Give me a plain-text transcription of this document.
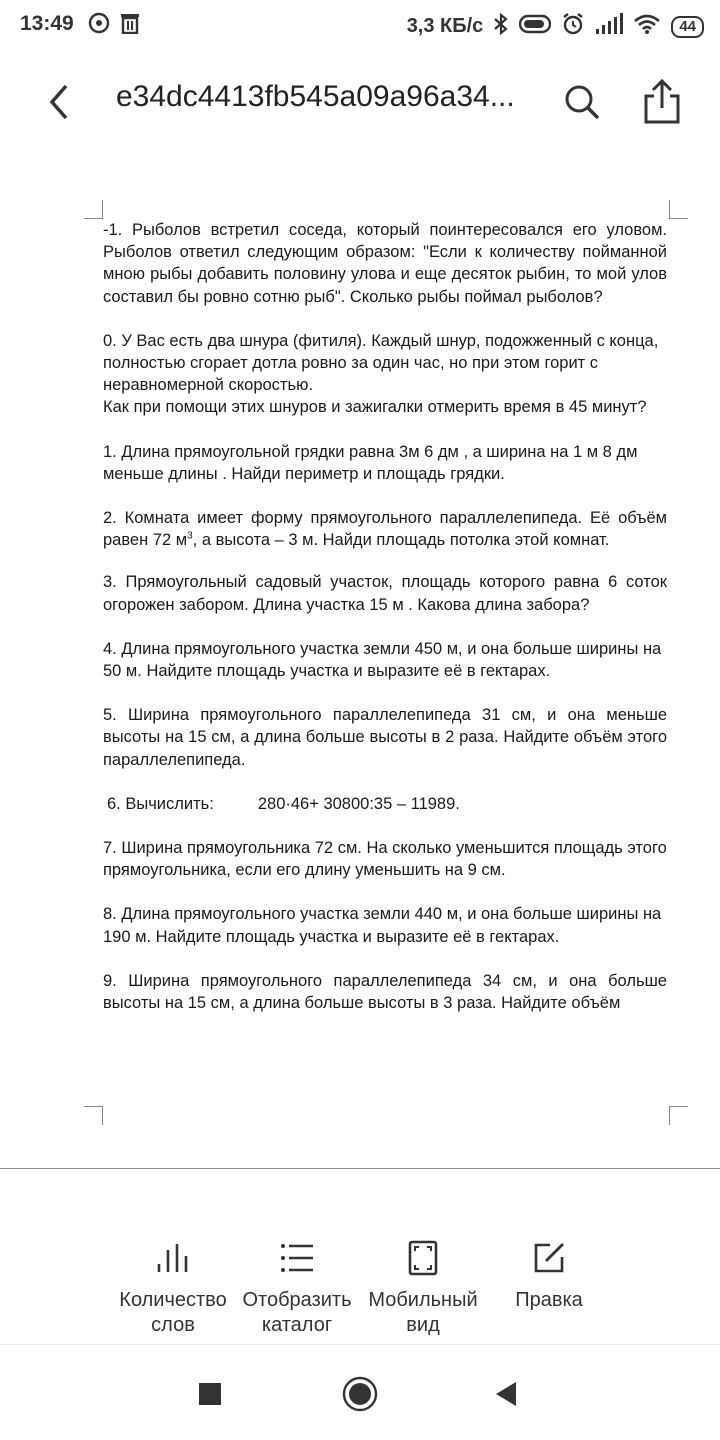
13:49	3,3 КБ/с	44
e34dc4413fb545a09a96a34...

-1. Рыболов встретил соседа, который поинтересовался его уловом. Рыболов ответил следующим образом: "Если к количеству пойманной мною рыбы добавить половину улова и еще десяток рыбин, то мой улов составил бы ровно сотню рыб". Сколько рыбы поймал рыболов?

0. У Вас есть два шнура (фитиля). Каждый шнур, подожженный с конца, полностью сгорает дотла ровно за один час, но при этом горит с неравномерной скоростью.
Как при помощи этих шнуров и зажигалки отмерить время в 45 минут?

1. Длина прямоугольной грядки равна 3м 6 дм , а ширина на 1 м 8 дм меньше длины . Найди периметр и площадь грядки.

2. Комната имеет форму прямоугольного параллелепипеда. Её объём равен 72 $м^3$, а высота – 3 м. Найди площадь потолка этой комнат.

3. Прямоугольный садовый участок, площадь которого равна 6 соток огорожен забором. Длина участка 15 м . Какова длина забора?

4. Длина прямоугольного участка земли 450 м, и она больше ширины на 50 м. Найдите площадь участка и выразите её в гектарах.

5. Ширина прямоугольного параллелепипеда 31 см, и она меньше высоты на 15 см, а длина больше высоты в 2 раза. Найдите объём этого параллелепипеда.

6. Вычислить:	280·46+ 30800:35 – 11989.

7. Ширина прямоугольника 72 см. На сколько уменьшится площадь этого прямоугольника, если его длину уменьшить на 9 см.

8. Длина прямоугольного участка земли 440 м, и она больше ширины на 190 м. Найдите площадь участка и выразите её в гектарах.

9. Ширина прямоугольного параллелепипеда 34 см, и она больше высоты на 15 см, а длина больше высоты в 3 раза. Найдите объём

Количество слов
Отобразить каталог
Мобильный вид
Правка
